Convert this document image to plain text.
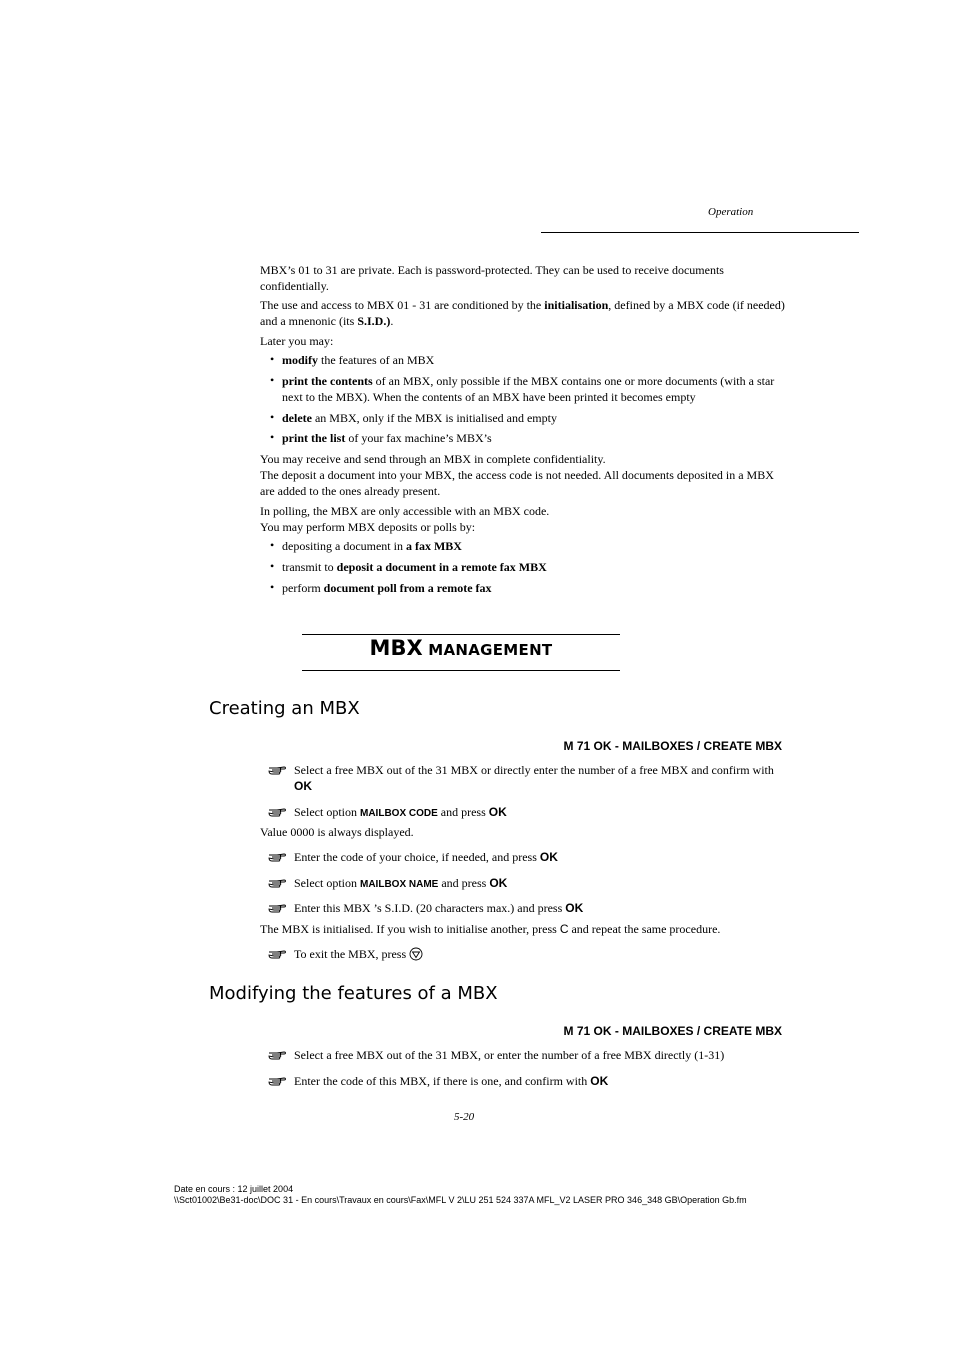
Operation
MBX’s 01 to 31 are private. Each is password-protected. They can be used to receive documents confidentially.
The use and access to MBX 01 - 31 are conditioned by the initialisation, defined by a MBX code (if needed) and a mnenonic (its S.I.D.).
Later you may:
• modify the features of an MBX
• print the contents of an MBX, only possible if the MBX contains one or more documents (with a star next to the MBX). When the contents of an MBX have been printed it becomes empty
• delete an MBX, only if the MBX is initialised and empty
• print the list of your fax machine’s MBX’s
You may receive and send through an MBX in complete confidentiality.
The deposit a document into your MBX, the access code is not needed. All documents deposited in a MBX are added to the ones already present.
In polling, the MBX are only accessible with an MBX code.
You may perform MBX deposits or polls by:
• depositing a document in a fax MBX
• transmit to deposit a document in a remote fax MBX
• perform document poll from a remote fax
MBX MANAGEMENT
Creating an MBX
M 71 OK - MAILBOXES / CREATE MBX
Select a free MBX out of the 31 MBX or directly enter the number of a free MBX and confirm with OK
Select option MAILBOX CODE and press OK
Value 0000 is always displayed.
Enter the code of your choice, if needed, and press OK
Select option MAILBOX NAME and press OK
Enter this MBX ’s S.I.D. (20 characters max.) and press OK
The MBX is initialised. If you wish to initialise another, press C and repeat the same procedure.
To exit the MBX, press
Modifying the features of a MBX
M 71 OK - MAILBOXES / CREATE MBX
Select a free MBX out of the 31 MBX, or enter the number of a free MBX directly (1-31)
Enter the code of this MBX, if there is one, and confirm with OK
5-20
Date en cours : 12 juillet 2004
\\Sct01002\Be31-doc\DOC 31 - En cours\Travaux en cours\Fax\MFL V 2\LU 251 524 337A MFL_V2 LASER PRO 346_348 GB\Operation Gb.fm
